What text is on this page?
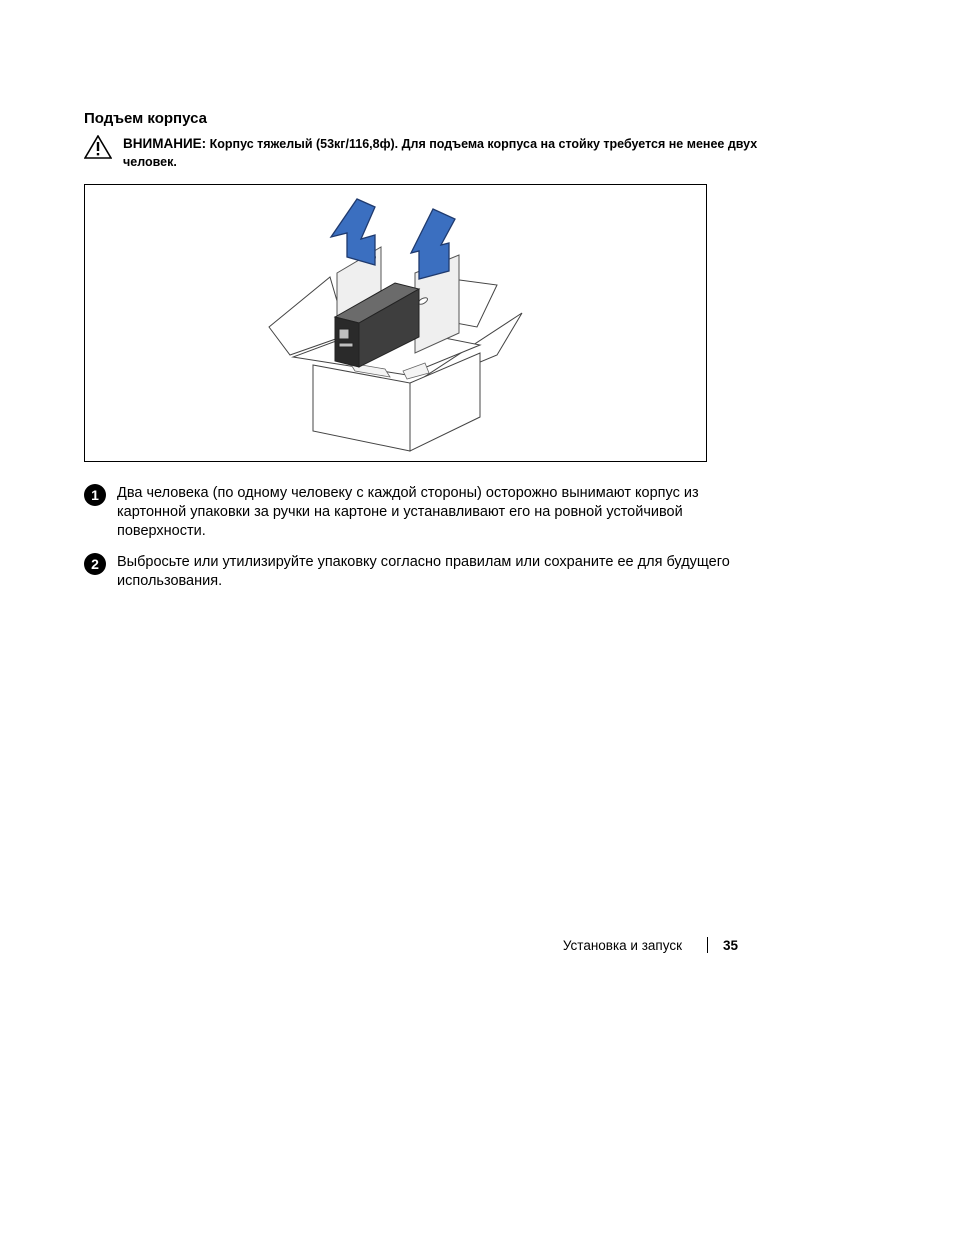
Подъем корпуса
ВНИМАНИЕ: Корпус тяжелый (53кг/116,8ф). Для подъема корпуса на стойку требуется не менее двух человек.
1	Два человека (по одному человеку с каждой стороны) осторожно вынимают корпус из картонной упаковки за ручки на картоне и устанавливают его на ровной устойчивой поверхности.
2	Выбросьте или утилизируйте упаковку согласно правилам или сохраните ее для будущего использования.
Установка и запуск	35
